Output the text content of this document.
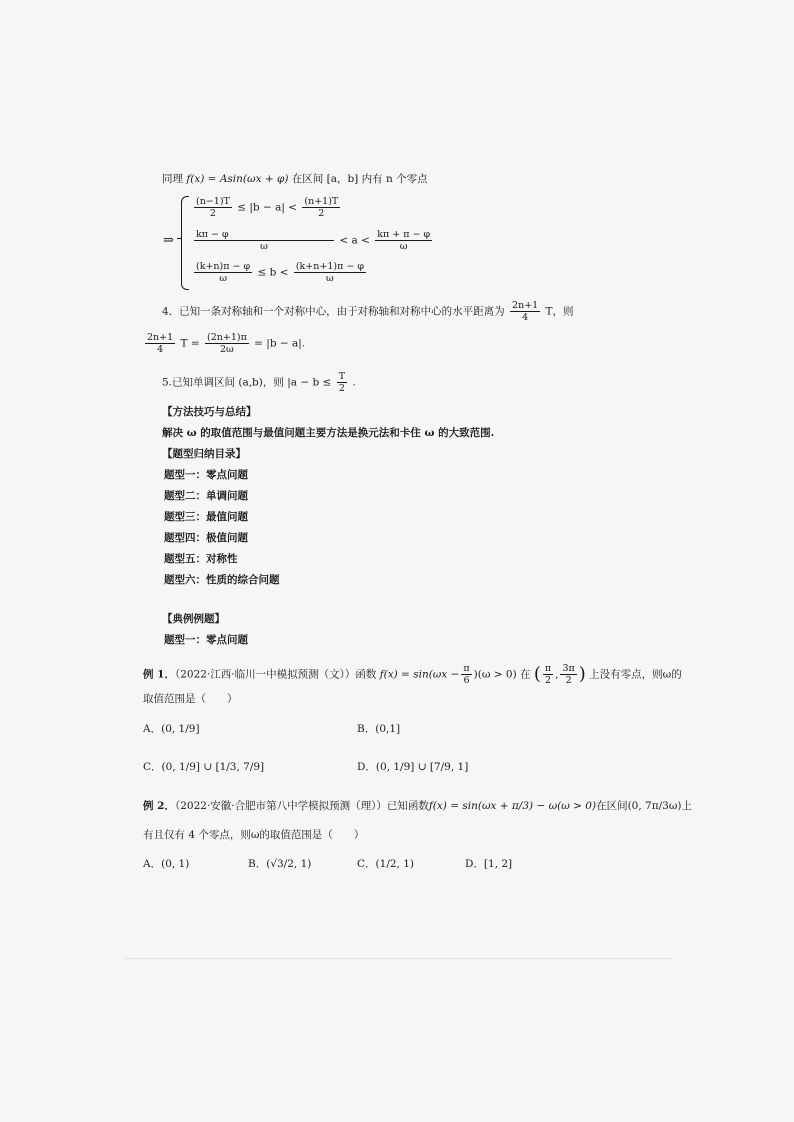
同理 f(x) = Asin(ωx + φ) 在区间 [a，b] 内有 n 个零点
⇒
$\frac{(n-1)T}{2} \le |b - a| < \frac{(n+1)T}{2}$
$\frac{k\pi - \varphi}{\omega} < a < \frac{k\pi + \pi - \varphi}{\omega}$
$\frac{(k+n)\pi - \varphi}{\omega} \le b < \frac{(k+n+1)\pi - \varphi}{\omega}$
4．已知一条对称轴和一个对称中心，由于对称轴和对称中心的水平距离为 $\frac{2n+1}{4}$ T，则
$\frac{2n+1}{4}$ $T = \frac{(2n+1)\pi}{2\omega} = |b - a|$.
5.已知单调区间 (a,b)，则 $|a - b \le \frac{T}{2}$ .
【方法技巧与总结】
解决 ω 的取值范围与最值问题主要方法是换元法和卡住 ω 的大致范围.
【题型归纳目录】
题型一：零点问题
题型二：单调问题
题型三：最值问题
题型四：极值问题
题型五：对称性
题型六：性质的综合问题
【典例例题】
题型一：零点问题
例 1．（2022·江西·临川一中模拟预测（文））函数 $f(x) = \sin(\omega x - \frac{\pi}{6} )(\omega > 0)$ 在 ( $\frac{\pi}{2}$ , $\frac{3\pi}{2}$ ) 上没有零点，则ω的
取值范围是（　　）
A．(0, 1/9]	B．(0,1]
C．(0, 1/9] ∪ [1/3, 7/9]	D．(0, 1/9] ∪ [7/9, 1]
例 2．（2022·安徽·合肥市第八中学模拟预测（理））已知函数f(x) = sin(ωx + π/3) − ω(ω > 0)在区间(0, 7π/3ω)上
有且仅有 4 个零点，则ω的取值范围是（　　）
A．(0, 1)	B．(√3/2, 1)	C．(1/2, 1)	D．[1, 2]
